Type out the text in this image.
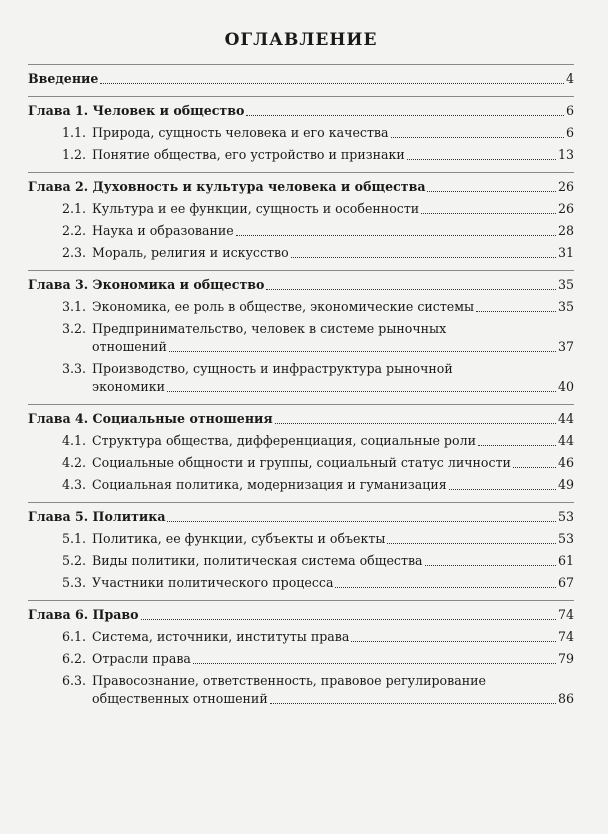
ОГЛАВЛЕНИЕ
Введение	4
Глава 1. Человек и общество	6
1.1. Природа, сущность человека и его качества	6
1.2. Понятие общества, его устройство и признаки	13
Глава 2. Духовность и культура человека и общества	26
2.1. Культура и ее функции, сущность и особенности	26
2.2. Наука и образование	28
2.3. Мораль, религия и искусство	31
Глава 3. Экономика и общество	35
3.1. Экономика, ее роль в обществе, экономические системы	35
3.2. Предпринимательство, человек в системе рыночных
отношений	37
3.3. Производство, сущность и инфраструктура рыночной
экономики	40
Глава 4. Социальные отношения	44
4.1. Структура общества, дифференциация, социальные роли	44
4.2. Социальные общности и группы, социальный статус личности	46
4.3. Социальная политика, модернизация и гуманизация	49
Глава 5. Политика	53
5.1. Политика, ее функции, субъекты и объекты	53
5.2. Виды политики, политическая система общества	61
5.3. Участники политического процесса	67
Глава 6. Право	74
6.1. Система, источники, институты права	74
6.2. Отрасли права	79
6.3. Правосознание, ответственность, правовое регулирование
общественных отношений	86
